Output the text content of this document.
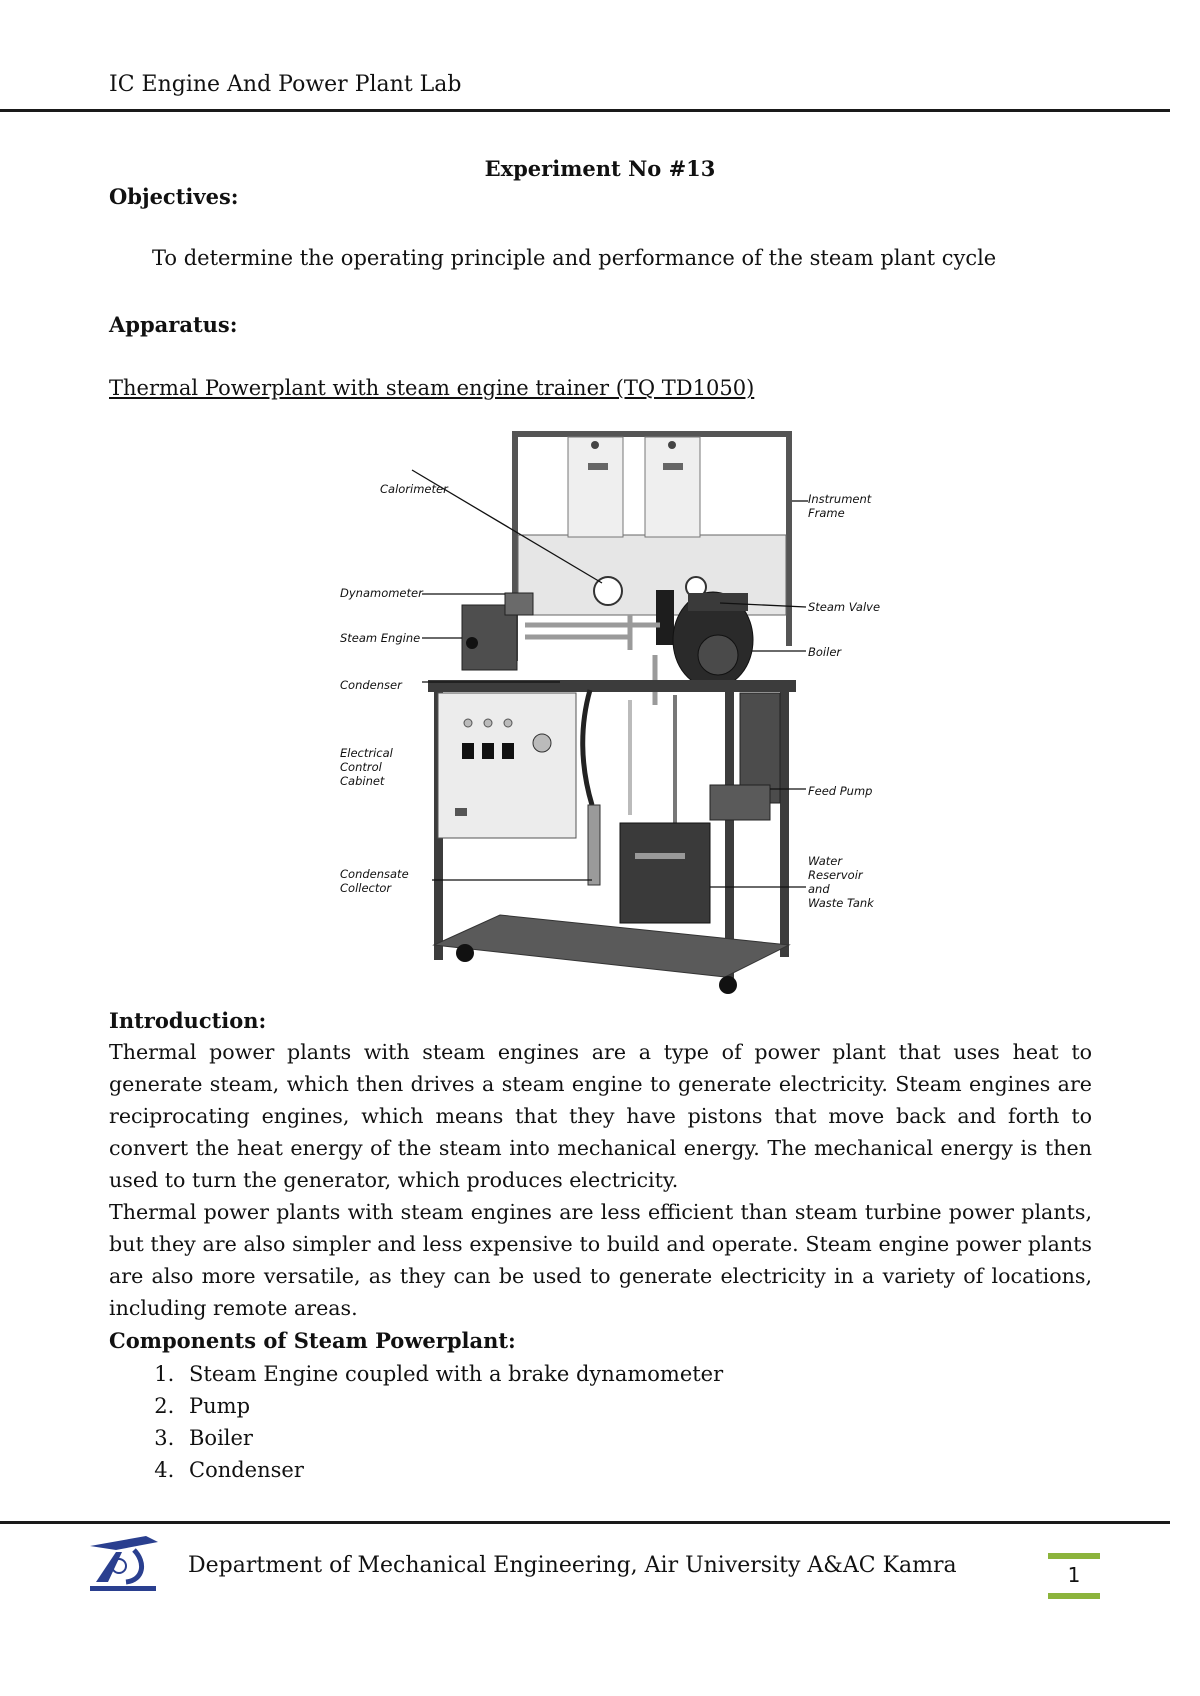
IC Engine And Power Plant Lab
Experiment No #13
Objectives:
To determine the operating principle and performance of the steam plant cycle
Apparatus:
Thermal Powerplant with steam engine trainer (TQ TD1050)
Calorimeter
Dynamometer
Steam Engine
Condenser
Electrical
Control
Cabinet
Condensate
Collector
Instrument
Frame
Steam Valve
Boiler
Feed Pump
Water
Reservoir
and
Waste Tank
Introduction:
Thermal power plants with steam engines are a type of power plant that uses heat to generate steam, which then drives a steam engine to generate electricity. Steam engines are reciprocating engines, which means that they have pistons that move back and forth to convert the heat energy of the steam into mechanical energy. The mechanical energy is then used to turn the generator, which produces electricity.
Thermal power plants with steam engines are less efficient than steam turbine power plants, but they are also simpler and less expensive to build and operate. Steam engine power plants are also more versatile, as they can be used to generate electricity in a variety of locations, including remote areas.
Components of Steam Powerplant:
1. Steam Engine coupled with a brake dynamometer
2. Pump
3. Boiler
4. Condenser
Department of Mechanical Engineering, Air University A&AC Kamra	1
